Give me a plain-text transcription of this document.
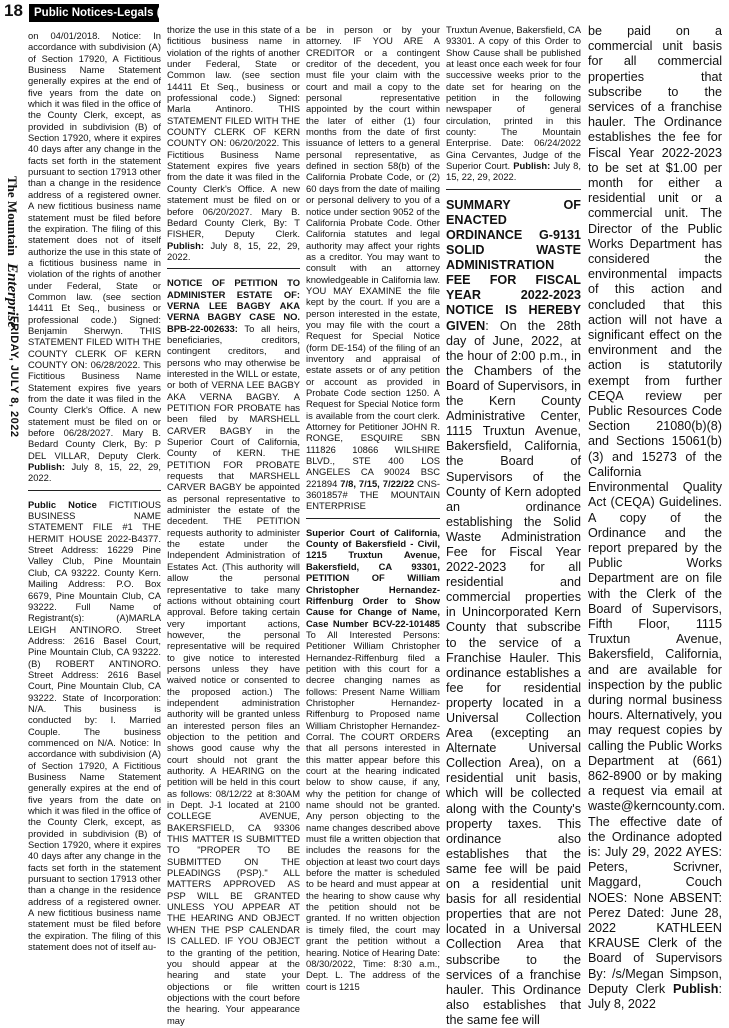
18 Public Notices-Legals (cont.)
The Mountain Enterprise
FRIDAY, JULY 8, 2022

on 04/01/2018. Notice: In accordance with subdivision (A) of Section 17920, A Fictitious Business Name Statement generally expires at the end of five years from the date on which it was filed in the office of the County Clerk, except, as provided in subdivision (B) of Section 17920, where it expires 40 days after any change in the facts set forth in the statement pursuant to section 17913 other than a change in the residence address of a registered owner. A new fictitious business name statement must be filed before the expiration. The filing of this statement does not of itself authorize the use in this state of a fictitious business name in violation of the rights of another under Federal, State or Common law. (see section 14411 Et Seq., business or professional code.) Signed: Benjamin Sherwyn. THIS STATEMENT FILED WITH THE COUNTY CLERK OF KERN COUNTY ON: 06/28/2022. This Fictitious Business Name Statement expires five years from the date it was filed in the County Clerk's Office. A new statement must be filed on or before 06/28/2027. Mary B. Bedard County Clerk, By: P DEL VILLAR, Deputy Clerk. Publish: July 8, 15, 22, 29, 2022.

Public Notice FICTITIOUS BUSINESS NAME STATEMENT FILE #1 THE HERMIT HOUSE 2022-B4377. Street Address: 16229 Pine Valley Club, Pine Mountain Club, CA 93222. County Kern. Mailing Address: P.O. Box 6679, Pine Mountain Club, CA 93222. Full Name of Registrant(s): (A)MARLA LEIGH ANTINORO. Street Address: 2616 Basel Court, Pine Mountain Club, CA 93222. (B) ROBERT ANTINORO. Street Address: 2616 Basel Court, Pine Mountain Club, CA 93222. State of Incorporation: N/A. This business is conducted by: I. Married Couple. The business commenced on N/A. Notice: In accordance with subdivision (A) of Section 17920, A Fictitious Business Name Statement generally expires at the end of five years from the date on which it was filed in the office of the County Clerk, except, as provided in subdivision (B) of Section 17920, where it expires 40 days after any change in the facts set forth in the statement pursuant to section 17913 other than a change in the residence address of a registered owner. A new fictitious business name statement must be filed before the expiration. The filing of this statement does not of itself au-

thorize the use in this state of a fictitious business name in violation of the rights of another under Federal, State or Common law. (see section 14411 Et Seq., business or professional code.) Signed: Marla Antinoro. THIS STATEMENT FILED WITH THE COUNTY CLERK OF KERN COUNTY ON: 06/20/2022. This Fictitious Business Name Statement expires five years from the date it was filed in the County Clerk's Office. A new statement must be filed on or before 06/20/2027. Mary B. Bedard County Clerk, By: T FISHER, Deputy Clerk. Publish: July 8, 15, 22, 29, 2022.

NOTICE OF PETITION TO ADMINISTER ESTATE OF: VERNA LEE BAGBY AKA VERNA BAGBY CASE NO. BPB-22-002633: To all heirs, beneficiaries, creditors, contingent creditors, and persons who may otherwise be interested in the WILL or estate, or both of VERNA LEE BAGBY AKA VERNA BAGBY. A PETITION FOR PROBATE has been filed by MARSHELL CARVER BAGBY in the Superior Court of California, County of KERN. THE PETITION FOR PROBATE requests that MARSHELL CARVER BAGBY be appointed as personal representative to administer the estate of the decedent. THE PETITION requests authority to administer the estate under the Independent Administration of Estates Act. (This authority will allow the personal representative to take many actions without obtaining court approval. Before taking certain very important actions, however, the personal representative will be required to give notice to interested persons unless they have waived notice or consented to the proposed action.) The independent administration authority will be granted unless an interested person files an objection to the petition and shows good cause why the court should not grant the authority. A HEARING on the petition will be held in this court as follows: 08/12/22 at 8:30AM in Dept. J-1 located at 2100 COLLEGE AVENUE, BAKERSFIELD, CA 93306 THIS MATTER IS SUBMITTED TO "PROPER TO BE SUBMITTED ON THE PLEADINGS (PSP)." ALL MATTERS APPROVED AS PSP WILL BE GRANTED UNLESS YOU APPEAR AT THE HEARING AND OBJECT WHEN THE PSP CALENDAR IS CALLED. IF YOU OBJECT to the granting of the petition, you should appear at the hearing and state your objections or file written objections with the court before the hearing. Your appearance may

be in person or by your attorney. IF YOU ARE A CREDITOR or a contingent creditor of the decedent, you must file your claim with the court and mail a copy to the personal representative appointed by the court within the later of either (1) four months from the date of first issuance of letters to a general personal representative, as defined in section 58(b) of the California Probate Code, or (2) 60 days from the date of mailing or personal delivery to you of a notice under section 9052 of the California Probate Code. Other California statutes and legal authority may affect your rights as a creditor. You may want to consult with an attorney knowledgeable in California law. YOU MAY EXAMINE the file kept by the court. If you are a person interested in the estate, you may file with the court a Request for Special Notice (form DE-154) of the filing of an inventory and appraisal of estate assets or of any petition or account as provided in Probate Code section 1250. A Request for Special Notice form is available from the court clerk. Attorney for Petitioner JOHN R. RONGE, ESQUIRE SBN 111826 10866 WILSHIRE BLVD., STE 400 LOS ANGELES CA 90024 BSC 221894 7/8, 7/15, 7/22/22 CNS-3601857# THE MOUNTAIN ENTERPRISE

Superior Court of California, County of Bakersfield - Civil, 1215 Truxtun Avenue, Bakersfield, CA 93301, PETITION OF William Christopher Hernandez-Riffenburg Order to Show Cause for Change of Name, Case Number BCV-22-101485 To All Interested Persons: Petitioner William Christopher Hernandez-Riffenburg filed a petition with this court for a decree changing names as follows: Present Name William Christopher Hernandez-Riffenburg to Proposed name William Christopher Hernandez-Corral. The COURT ORDERS that all persons interested in this matter appear before this court at the hearing indicated below to show cause, if any, why the petition for change of name should not be granted. Any person objecting to the name changes described above must file a written objection that includes the reasons for the objection at least two court days before the matter is scheduled to be heard and must appear at the hearing to show cause why the petition should not be granted. If no written objection is timely filed, the court may grant the petition without a hearing. Notice of Hearing Date: 08/30/2022, Time: 8:30 a.m., Dept. L. The address of the court is 1215

Truxtun Avenue, Bakersfield, CA 93301. A copy of this Order to Show Cause shall be published at least once each week for four successive weeks prior to the date set for hearing on the petition in the following newspaper of general circulation, printed in this county: The Mountain Enterprise. Date: 06/24/2022 Gina Cervantes, Judge of the Superior Court. Publish: July 8, 15, 22, 29, 2022.

SUMMARY OF ENACTED ORDINANCE G-9131 SOLID WASTE ADMINISTRATION FEE FOR FISCAL YEAR 2022-2023 NOTICE IS HEREBY GIVEN: On the 28th day of June, 2022, at the hour of 2:00 p.m., in the Chambers of the Board of Supervisors, in the Kern County Administrative Center, 1115 Truxtun Avenue, Bakersfield, California, the Board of Supervisors of the County of Kern adopted an ordinance establishing the Solid Waste Administration Fee for Fiscal Year 2022-2023 for all residential and commercial properties in Unincorporated Kern County that subscribe to the service of a Franchise Hauler. This ordinance establishes a fee for residential property located in a Universal Collection Area (excepting an Alternate Universal Collection Area), on a residential unit basis, which will be collected along with the County's property taxes. This ordinance also establishes that the same fee will be paid on a residential unit basis for all residential properties that are not located in a Universal Collection Area that subscribe to the services of a franchise hauler. This Ordinance also establishes that the same fee will

be paid on a commercial unit basis for all commercial properties that subscribe to the services of a franchise hauler. The Ordinance establishes the fee for Fiscal Year 2022-2023 to be set at $1.00 per month for either a residential unit or a commercial unit. The Director of the Public Works Department has considered the environmental impacts of this action and concluded that this action will not have a significant effect on the environment and the action is statutorily exempt from further CEQA review per Public Resources Code Section 21080(b)(8) and Sections 15061(b)(3) and 15273 of the California Environmental Quality Act (CEQA) Guidelines. A copy of the Ordinance and the report prepared by the Public Works Department are on file with the Clerk of the Board of Supervisors, Fifth Floor, 1115 Truxtun Avenue, Bakersfield, California, and are available for inspection by the public during normal business hours. Alternatively, you may request copies by calling the Public Works Department at (661) 862-8900 or by making a request via email at waste@kerncounty.com. The effective date of the Ordinance adopted is: July 29, 2022 AYES: Peters, Scrivner, Maggard, Couch NOES: None ABSENT: Perez Dated: June 28, 2022 KATHLEEN KRAUSE Clerk of the Board of Supervisors By: /s/Megan Simpson, Deputy Clerk Publish: July 8, 2022
